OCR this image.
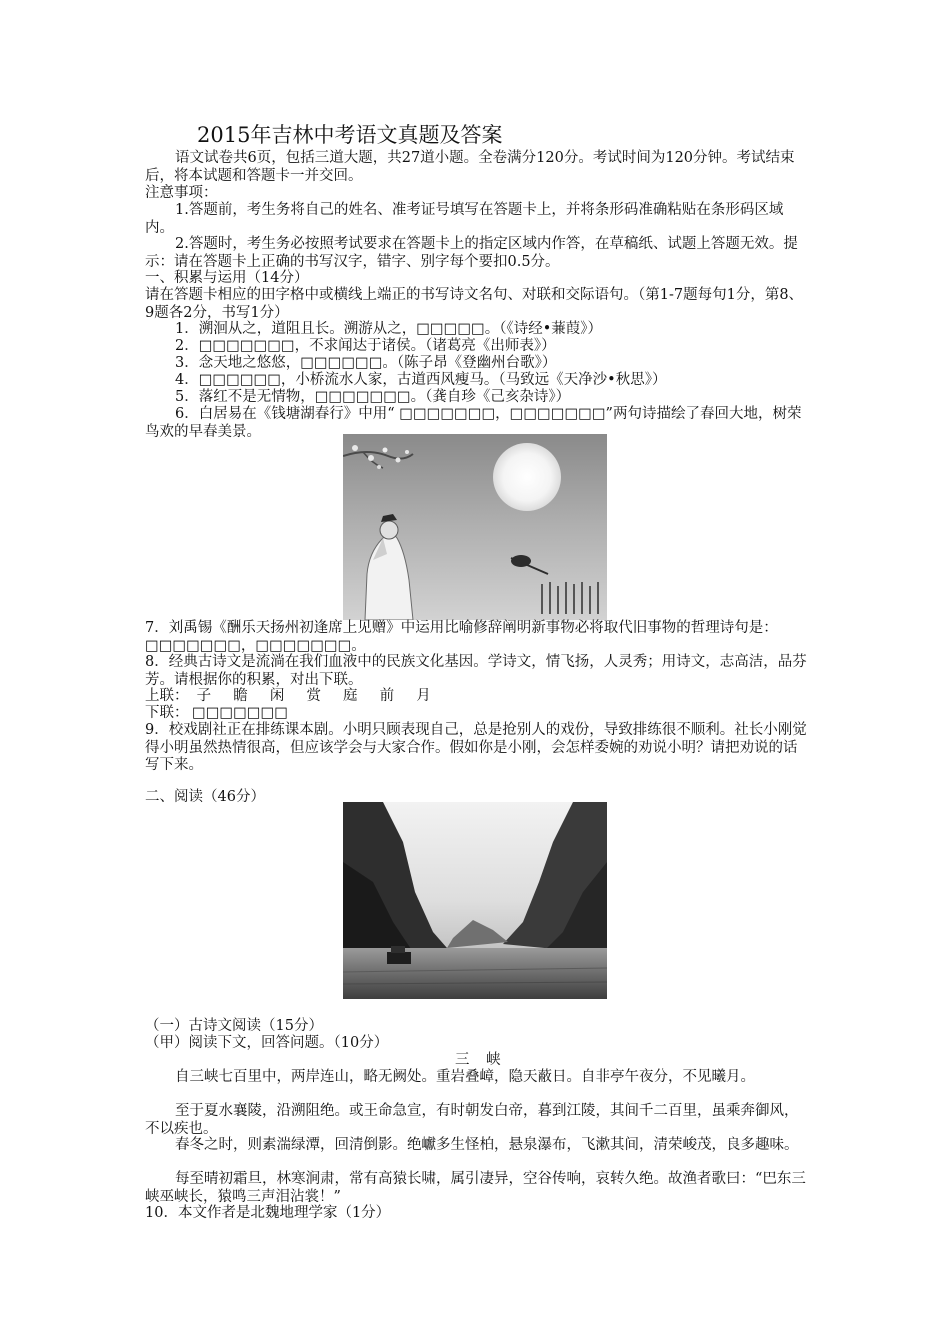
2015年吉林中考语文真题及答案

语文试卷共6页，包括三道大题，共27道小题。全卷满分120分。考试时间为120分钟。考试结束后，将本试题和答题卡一并交回。

注意事项：

1.答题前，考生务将自己的姓名、准考证号填写在答题卡上，并将条形码准确粘贴在条形码区域内。

2.答题时，考生务必按照考试要求在答题卡上的指定区域内作答，在草稿纸、试题上答题无效。提示：请在答题卡上正确的书写汉字，错字、别字每个要扣0.5分。

一、积累与运用（14分）

请在答题卡相应的田字格中或横线上端正的书写诗文名句、对联和交际语句。（第1-7题每句1分，第8、9题各2分，书写1分）

1．溯洄从之，道阻且长。溯游从之，□□□□□。（《诗经•蒹葭》）

2．□□□□□□□，不求闻达于诸侯。（诸葛亮《出师表》）

3．念天地之悠悠，□□□□□□。（陈子昂《登幽州台歌》）

4．□□□□□□，小桥流水人家，古道西风瘦马。（马致远《天净沙•秋思》）

5．落红不是无情物，□□□□□□□。（龚自珍《己亥杂诗》）

6．白居易在《钱塘湖春行》中用“ □□□□□□□，□□□□□□□”两句诗描绘了春回大地，树荣鸟欢的早春美景。

7．刘禹锡《酬乐天扬州初逢席上见赠》中运用比喻修辞阐明新事物必将取代旧事物的哲理诗句是：□□□□□□□，□□□□□□□。

8．经典古诗文是流淌在我们血液中的民族文化基因。学诗文，情飞扬，人灵秀；用诗文，志高洁，品芬芳。请根据你的积累，对出下联。

上联： 子 瞻 闲 赏 庭 前 月
下联： □□□□□□□

9．校戏剧社正在排练课本剧。小明只顾表现自己，总是抢别人的戏份，导致排练很不顺利。社长小刚觉得小明虽然热情很高，但应该学会与大家合作。假如你是小刚，会怎样委婉的劝说小明？请把劝说的话写下来。

二、阅读（46分）

（一）古诗文阅读（15分）

（甲）阅读下文，回答问题。（10分）

三 峡

自三峡七百里中，两岸连山，略无阙处。重岩叠嶂，隐天蔽日。自非亭午夜分，不见曦月。

至于夏水襄陵，沿溯阻绝。或王命急宣，有时朝发白帝，暮到江陵，其间千二百里，虽乘奔御风，不以疾也。

春冬之时，则素湍绿潭，回清倒影。绝巘多生怪柏，悬泉瀑布，飞漱其间，清荣峻茂，良多趣味。

每至晴初霜旦，林寒涧肃，常有高猿长啸，属引凄异，空谷传响，哀转久绝。故渔者歌曰：“巴东三峡巫峡长，猿鸣三声泪沾裳！”

10．本文作者是北魏地理学家（1分）
